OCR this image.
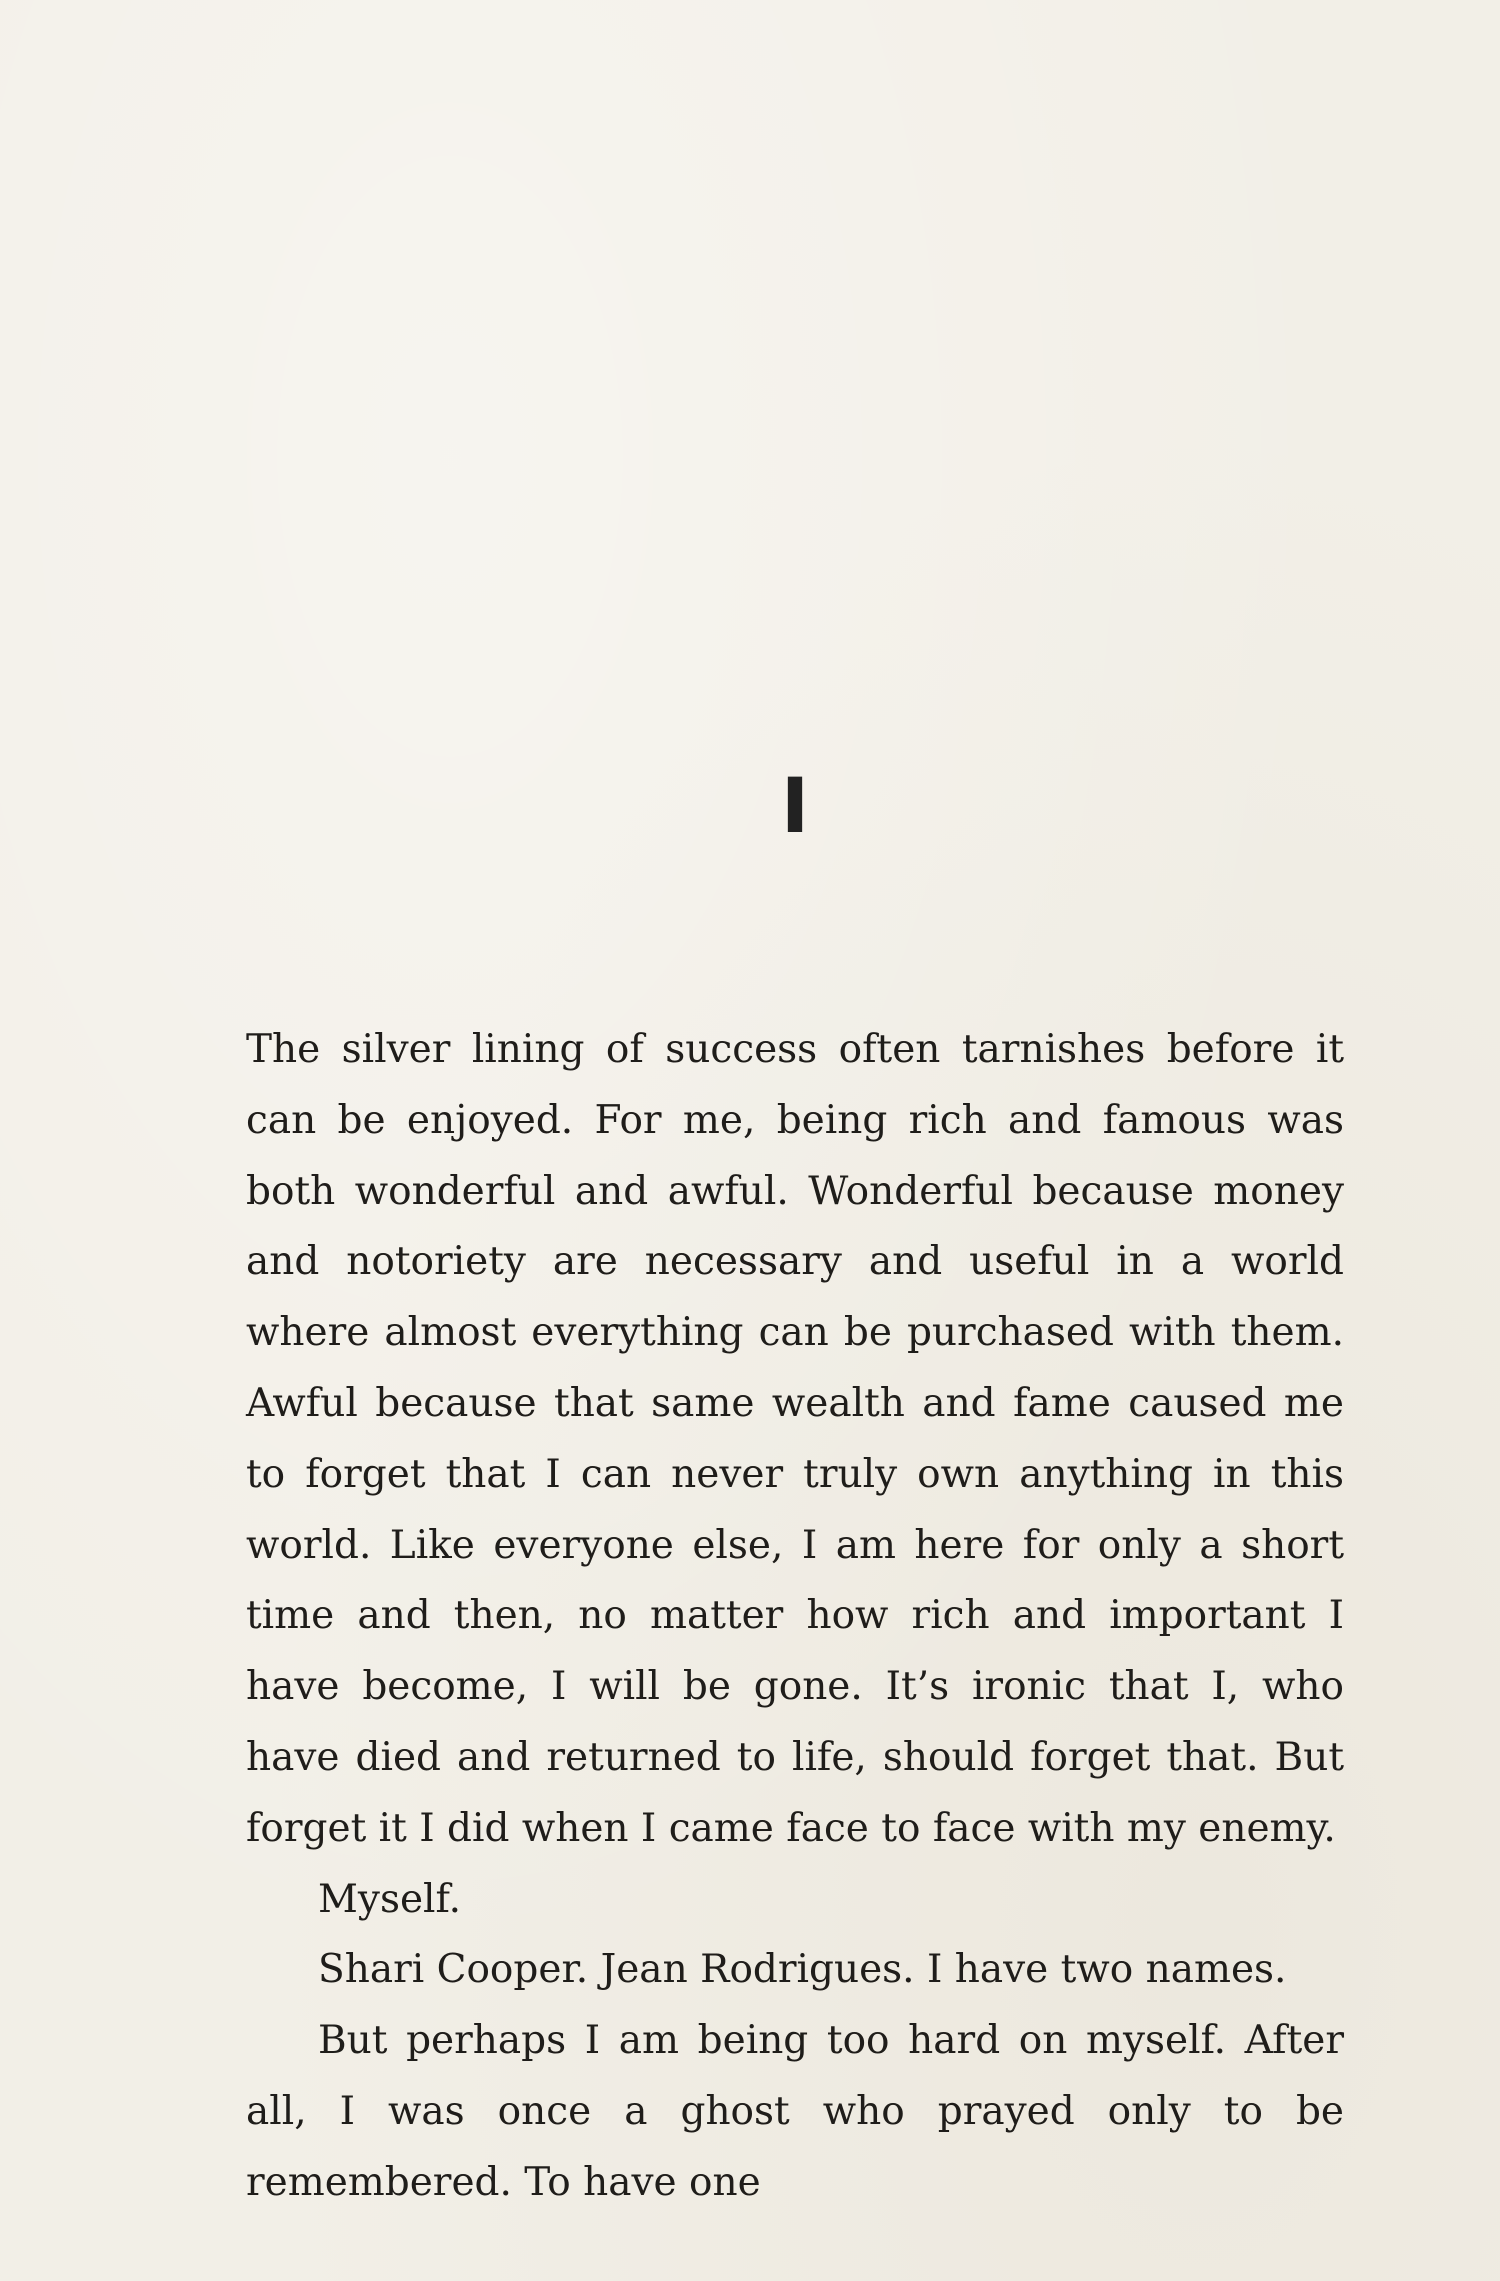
I

The silver lining of success often tarnishes before it can be enjoyed. For me, being rich and famous was both wonderful and awful. Wonderful because money and notoriety are necessary and useful in a world where almost everything can be purchased with them. Awful because that same wealth and fame caused me to forget that I can never truly own anything in this world. Like everyone else, I am here for only a short time and then, no matter how rich and important I have become, I will be gone. It’s ironic that I, who have died and returned to life, should forget that. But forget it I did when I came face to face with my enemy.

Myself.

Shari Cooper. Jean Rodrigues. I have two names.

But perhaps I am being too hard on myself. After all, I was once a ghost who prayed only to be remembered. To have one
